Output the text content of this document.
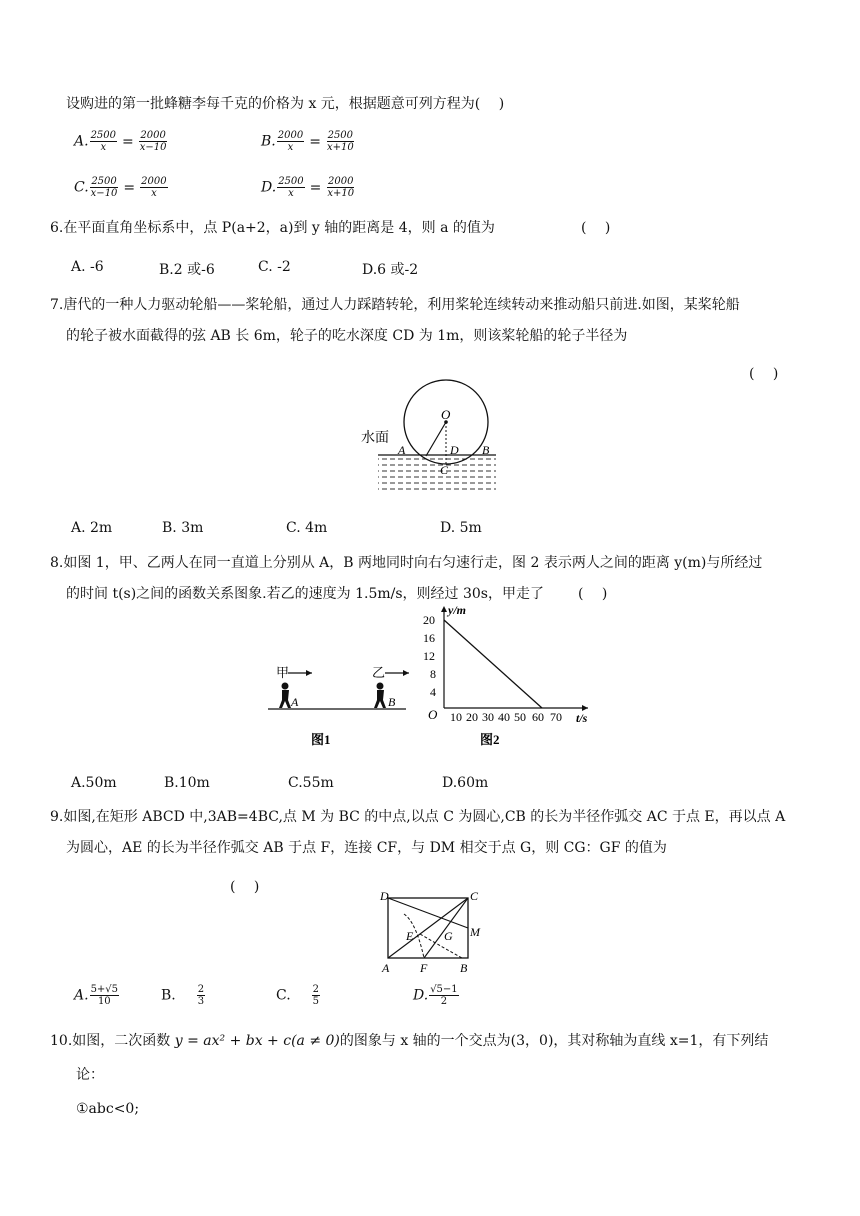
设购进的第一批蜂糖李每千克的价格为 x 元，根据题意可列方程为(　 )
A. $\frac{2500}{x} = \frac{2000}{x-10}$	B. $\frac{2000}{x} = \frac{2500}{x+10}$
C. $\frac{2500}{x-10} = \frac{2000}{x}$	D. $\frac{2500}{x} = \frac{2000}{x+10}$
6.在平面直角坐标系中，点 P(a+2，a)到 y 轴的距离是 4，则 a 的值为	(　 )
A. -6	B.2 或-6	C. -2	D.6 或-2
7.唐代的一种人力驱动轮船——桨轮船，通过人力踩踏转轮，利用桨轮连续转动来推动船只前进.如图，某桨轮船
的轮子被水面截得的弦 AB 长 6m，轮子的吃水深度 CD 为 1m，则该桨轮船的轮子半径为
(　 )
水面
O
A	D B
C
A. 2m	B. 3m	C. 4m	D. 5m
8.如图 1，甲、乙两人在同一直道上分别从 A，B 两地同时向右匀速行走，图 2 表示两人之间的距离 y(m)与所经过
的时间 t(s)之间的函数关系图象.若乙的速度为 1.5m/s，则经过 30s，甲走了 (　 )
甲	乙
A	B
图1
y/m
t/s
O
20
16
12
8
4
10 20 30 40 50 60 70
图2
A.50m	B.10m	C.55m	D.60m
9.如图,在矩形 ABCD 中,3AB=4BC,点 M 为 BC 的中点,以点 C 为圆心,CB 的长为半径作弧交 AC 于点 E，再以点 A
为圆心，AE 的长为半径作弧交 AB 于点 F，连接 CF，与 DM 相交于点 G，则 CG：GF 的值为
(　 )
D	C
E	G M
A	F	B
A. $\frac{5+√5}{10}$	B. $\frac{2}{3}$	C. $\frac{2}{5}$	D. $\frac{√5-1}{2}$
10.如图，二次函数 y = ax² + bx + c(a ≠ 0)的图象与 x 轴的一个交点为(3，0)，其对称轴为直线 x=1，有下列结
论：
①abc<0;
